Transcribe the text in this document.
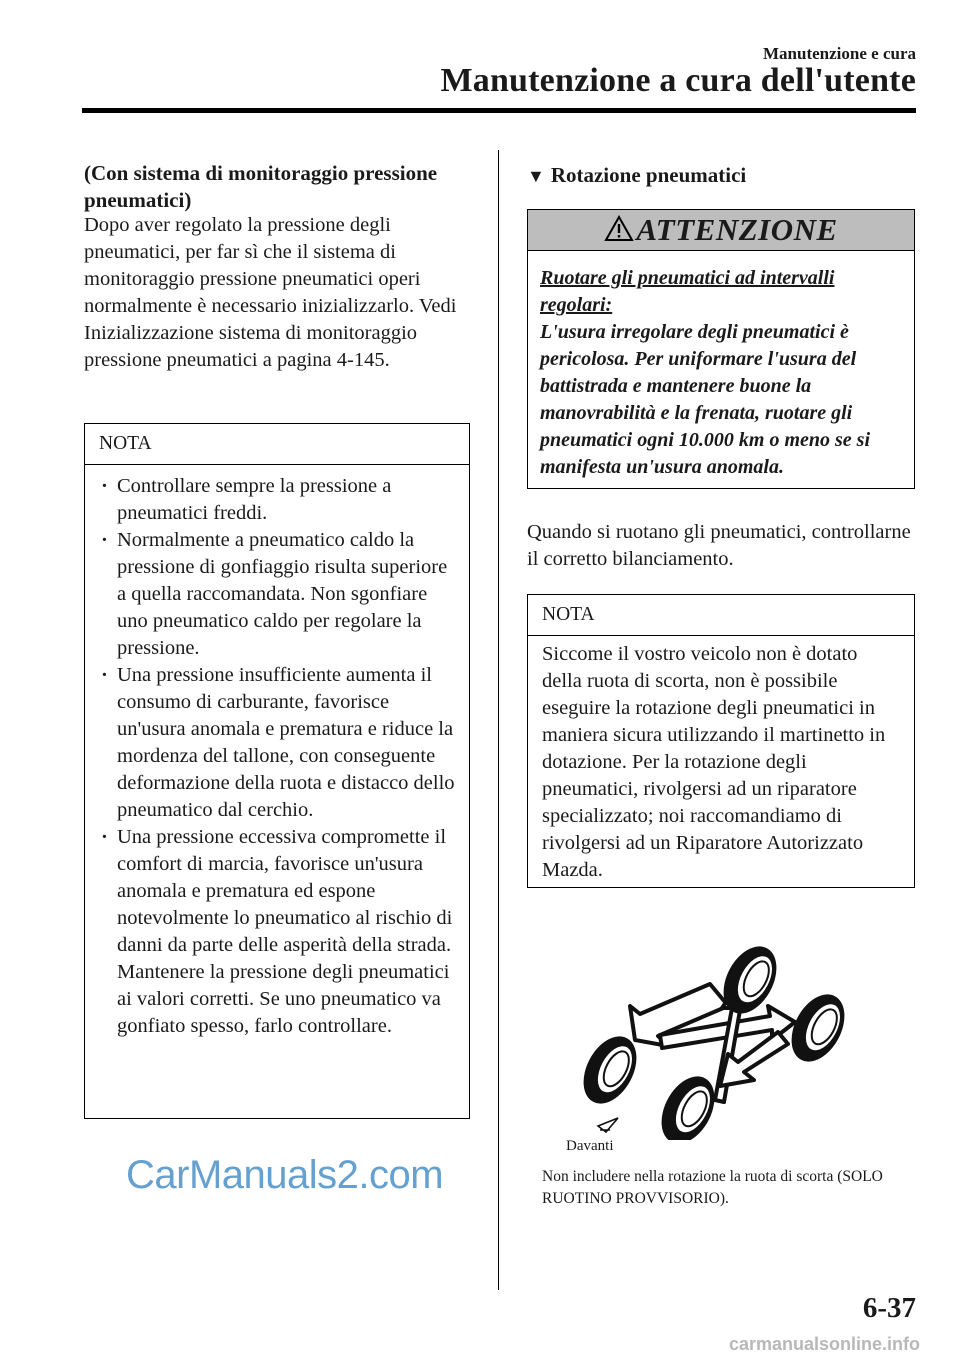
Manutenzione e cura
Manutenzione a cura dell'utente
(Con sistema di monitoraggio pressione pneumatici)
Dopo aver regolato la pressione degli pneumatici, per far sì che il sistema di monitoraggio pressione pneumatici operi normalmente è necessario inizializzarlo. Vedi Inizializzazione sistema di monitoraggio pressione pneumatici a pagina 4-145.
NOTA
· Controllare sempre la pressione a pneumatici freddi.
· Normalmente a pneumatico caldo la pressione di gonfiaggio risulta superiore a quella raccomandata. Non sgonfiare uno pneumatico caldo per regolare la pressione.
· Una pressione insufficiente aumenta il consumo di carburante, favorisce un'usura anomala e prematura e riduce la mordenza del tallone, con conseguente deformazione della ruota e distacco dello pneumatico dal cerchio.
· Una pressione eccessiva compromette il comfort di marcia, favorisce un'usura anomala e prematura ed espone notevolmente lo pneumatico al rischio di danni da parte delle asperità della strada. Mantenere la pressione degli pneumatici ai valori corretti. Se uno pneumatico va gonfiato spesso, farlo controllare.
▼ Rotazione pneumatici
ATTENZIONE
Ruotare gli pneumatici ad intervalli regolari:
L'usura irregolare degli pneumatici è pericolosa. Per uniformare l'usura del battistrada e mantenere buone la manovrabilità e la frenata, ruotare gli pneumatici ogni 10.000 km o meno se si manifesta un'usura anomala.
Quando si ruotano gli pneumatici, controllarne il corretto bilanciamento.
NOTA
Siccome il vostro veicolo non è dotato della ruota di scorta, non è possibile eseguire la rotazione degli pneumatici in maniera sicura utilizzando il martinetto in dotazione. Per la rotazione degli pneumatici, rivolgersi ad un riparatore specializzato; noi raccomandiamo di rivolgersi ad un Riparatore Autorizzato Mazda.
Davanti
Non includere nella rotazione la ruota di scorta (SOLO RUOTINO PROVVISORIO).
CarManuals2.com
6-37
carmanualsonline.info
